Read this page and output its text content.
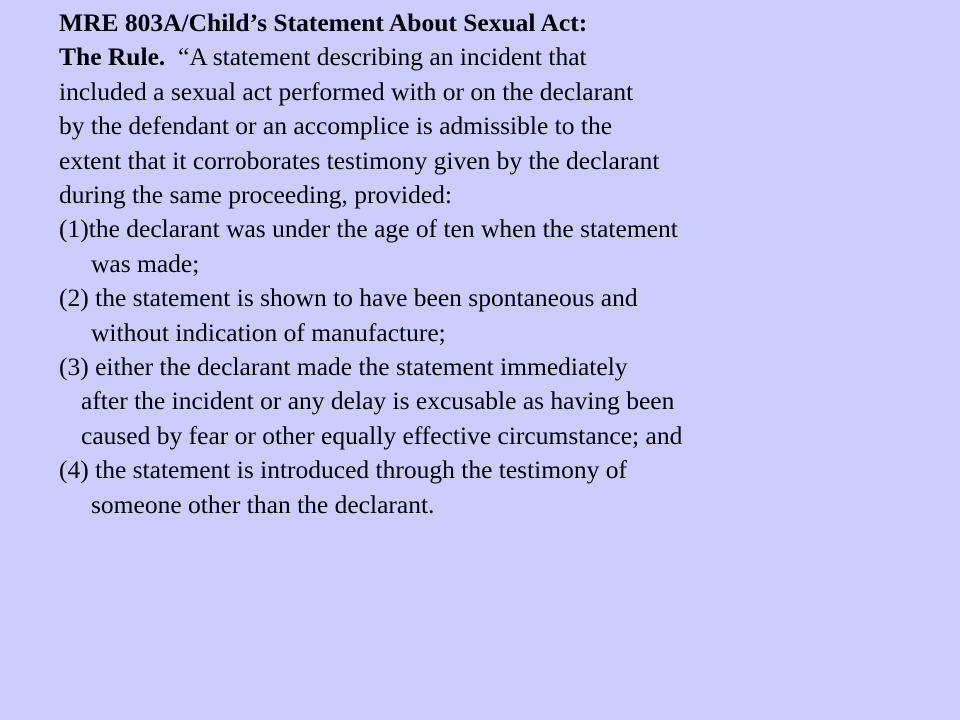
MRE 803A/Child’s Statement About Sexual Act:
The Rule.  “A statement describing an incident that
included a sexual act performed with or on the declarant
by the defendant or an accomplice is admissible to the
extent that it corroborates testimony given by the declarant
during the same proceeding, provided:
(1)the declarant was under the age of ten when the statement
was made;
(2) the statement is shown to have been spontaneous and
without indication of manufacture;
(3) either the declarant made the statement immediately
after the incident or any delay is excusable as having been
caused by fear or other equally effective circumstance; and
(4) the statement is introduced through the testimony of
someone other than the declarant.
